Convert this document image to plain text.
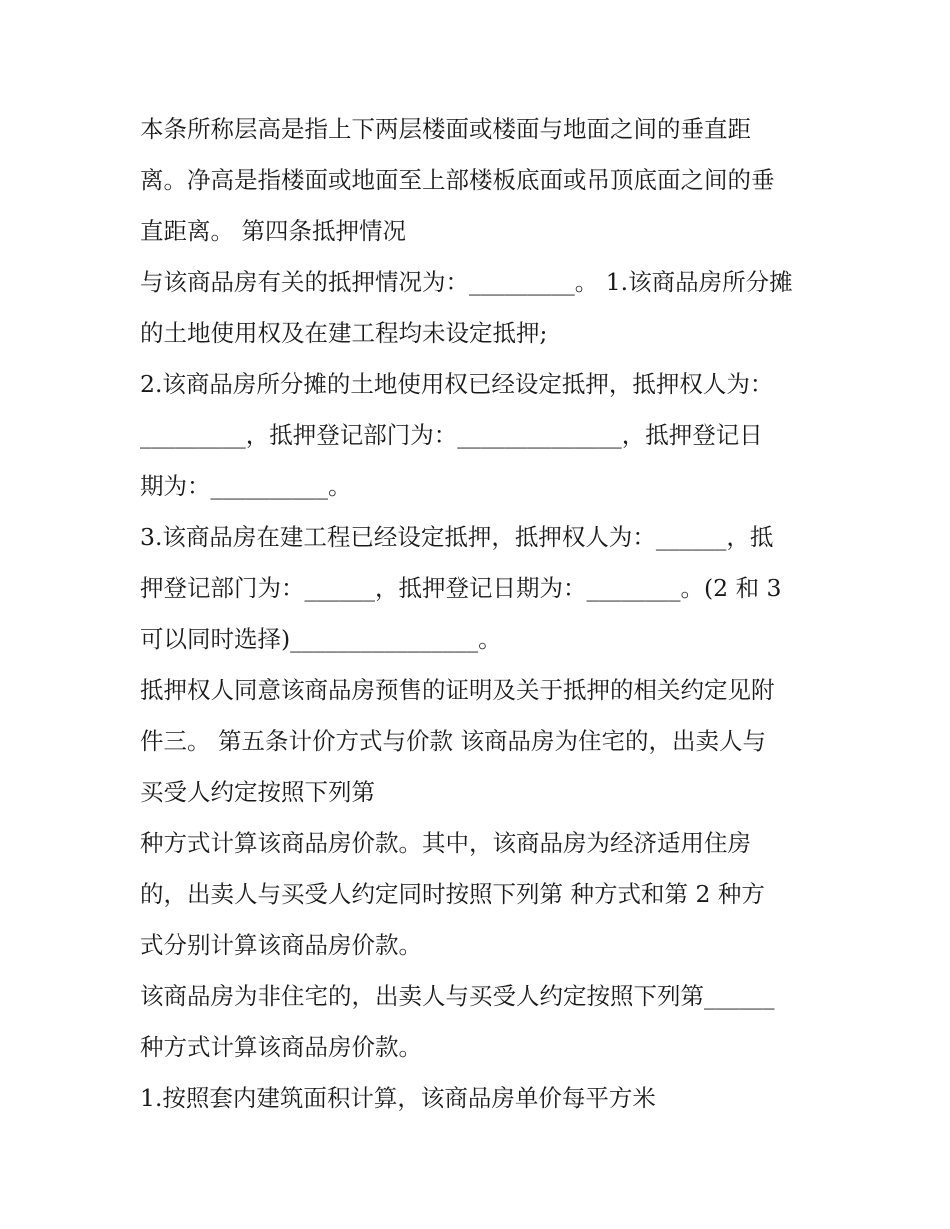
本条所称层高是指上下两层楼面或楼面与地面之间的垂直距
离。净高是指楼面或地面至上部楼板底面或吊顶底面之间的垂
直距离。 第四条抵押情况
与该商品房有关的抵押情况为：_________。 1.该商品房所分摊
的土地使用权及在建工程均未设定抵押;
2.该商品房所分摊的土地使用权已经设定抵押，抵押权人为：
_________，抵押登记部门为：______________，抵押登记日
期为：__________。
3.该商品房在建工程已经设定抵押，抵押权人为：______，抵
押登记部门为：______，抵押登记日期为：________。(2 和 3
可以同时选择)________________。
抵押权人同意该商品房预售的证明及关于抵押的相关约定见附
件三。 第五条计价方式与价款 该商品房为住宅的，出卖人与
买受人约定按照下列第
种方式计算该商品房价款。其中，该商品房为经济适用住房
的，出卖人与买受人约定同时按照下列第 种方式和第 2 种方
式分别计算该商品房价款。
该商品房为非住宅的，出卖人与买受人约定按照下列第______
种方式计算该商品房价款。
1.按照套内建筑面积计算，该商品房单价每平方米
